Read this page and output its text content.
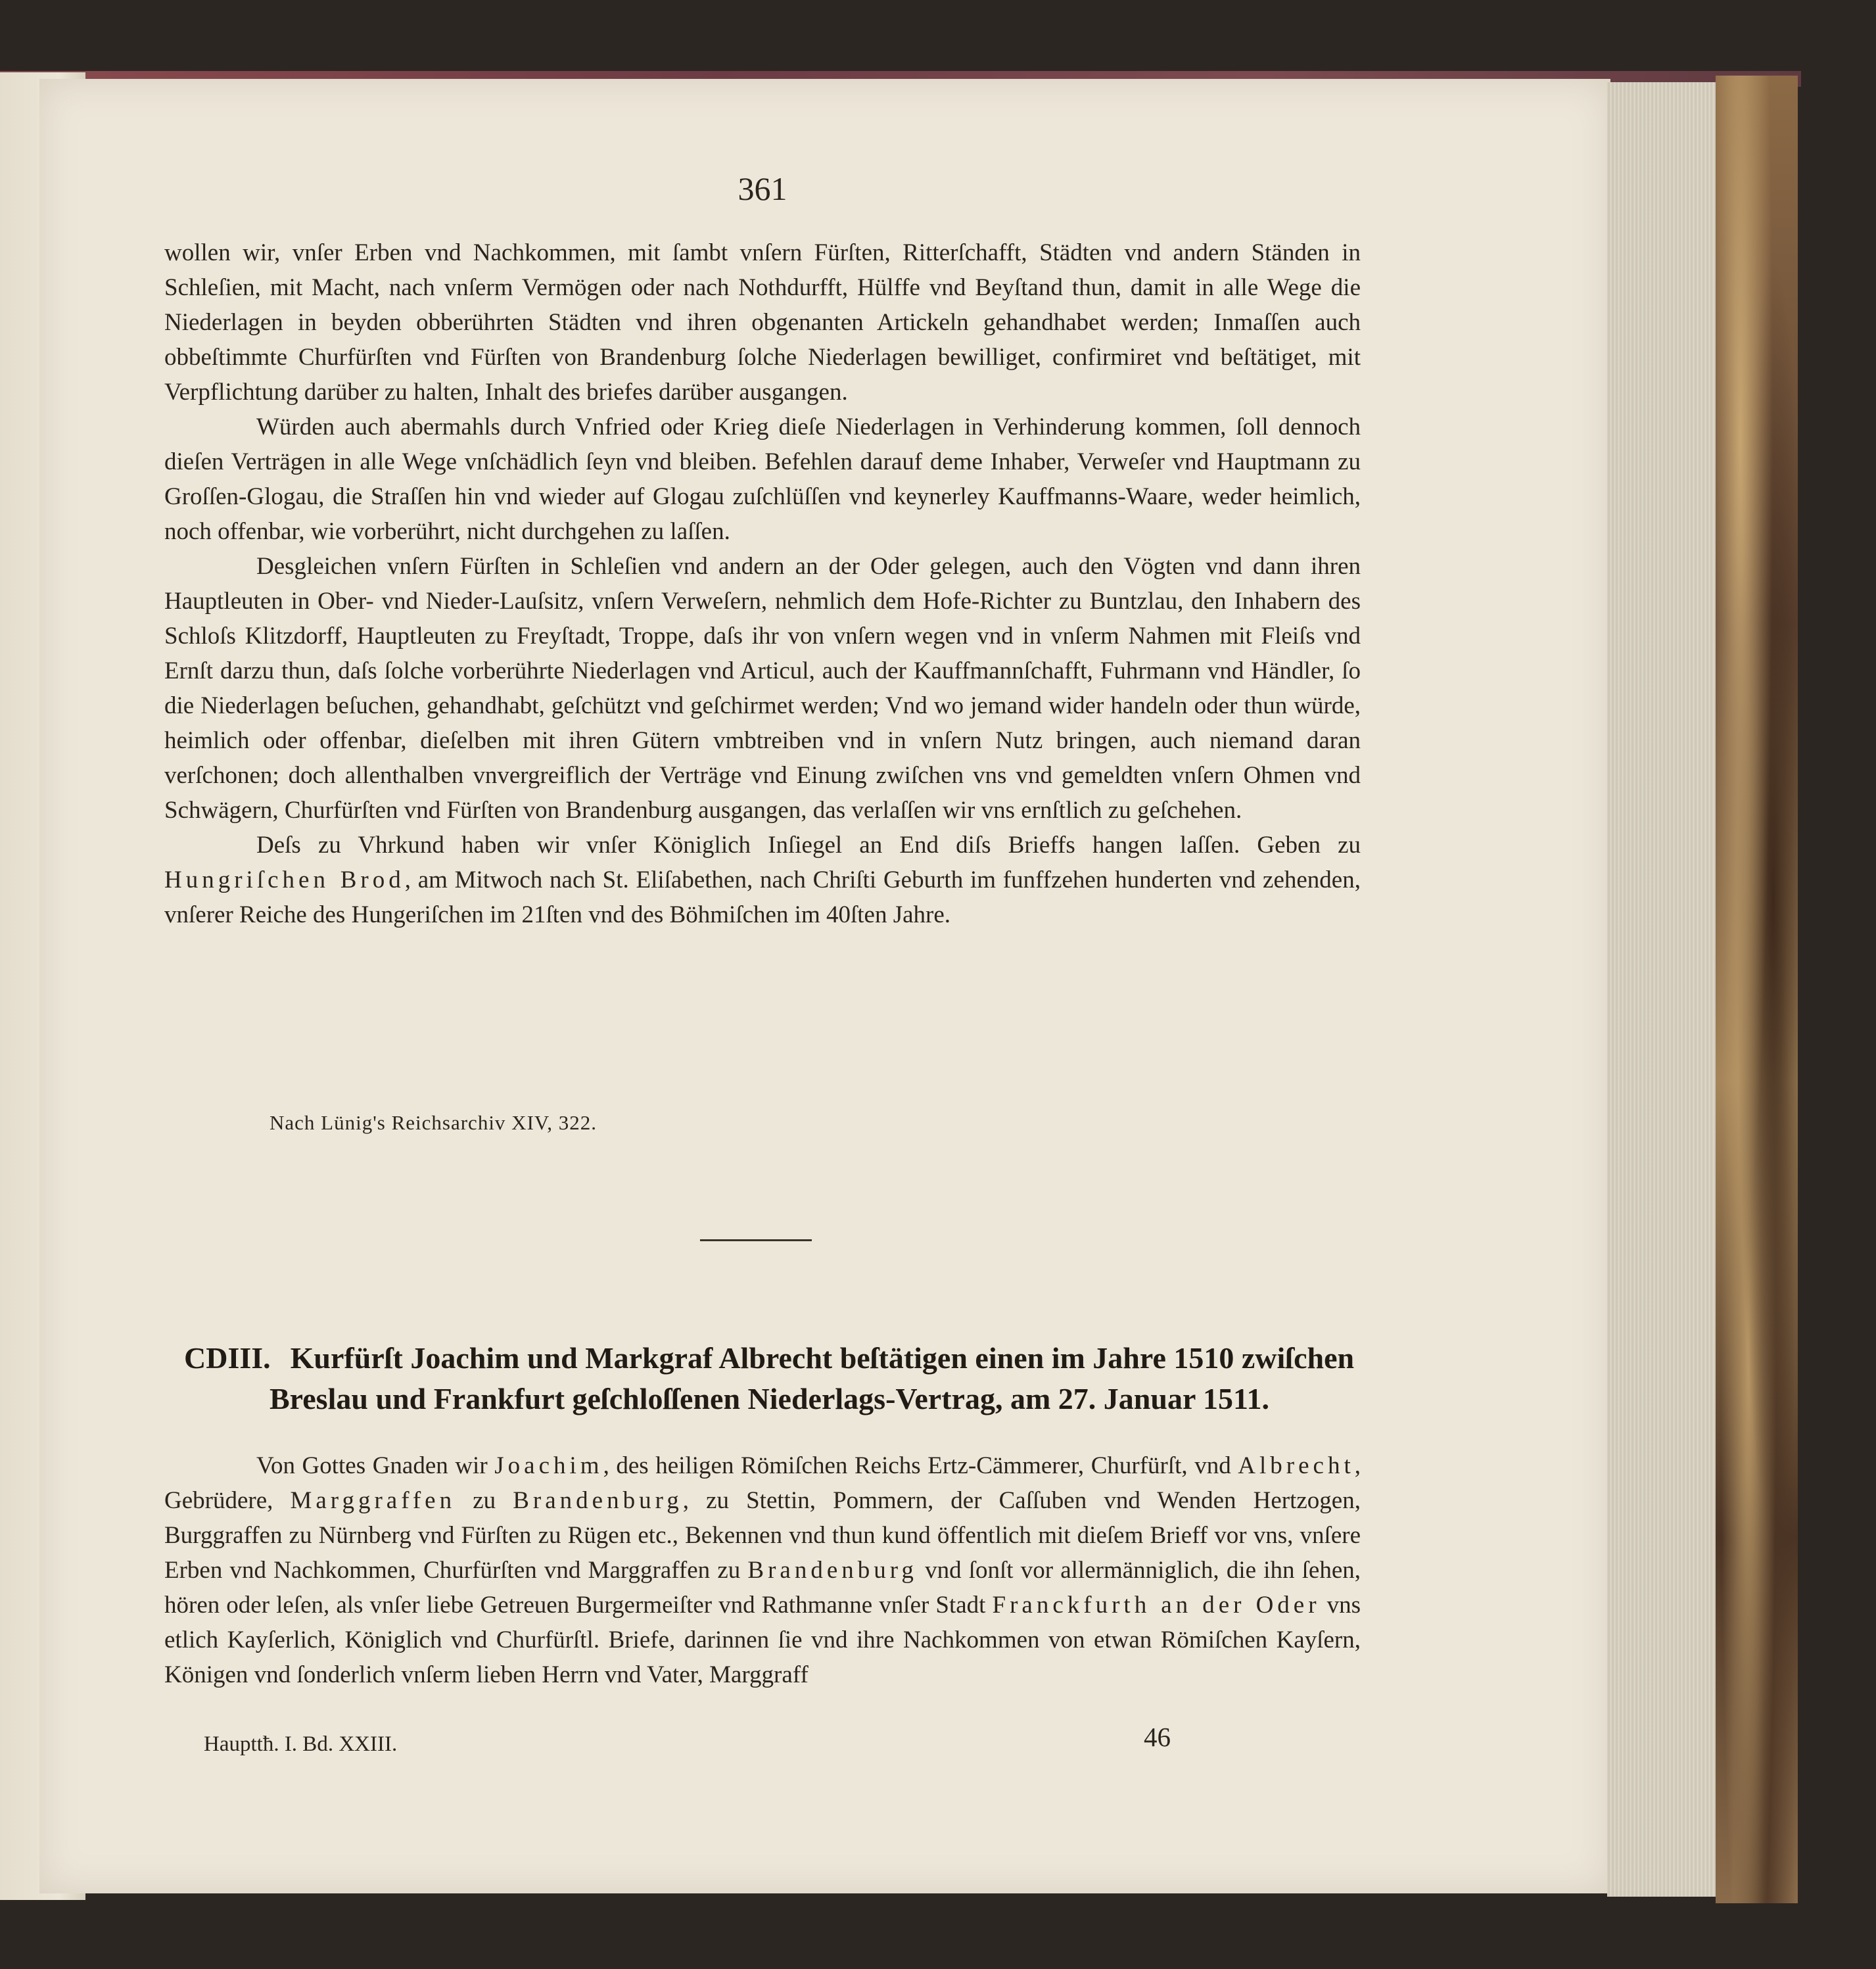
361

wollen wir, vnſer Erben vnd Nachkommen, mit ſambt vnſern Fürſten, Ritterſchafft, Städten vnd andern Ständen in Schleſien, mit Macht, nach vnſerm Vermögen oder nach Nothdurfft, Hülffe vnd Beyſtand thun, damit in alle Wege die Niederlagen in beyden obberührten Städten vnd ihren obgenanten Artickeln gehandhabet werden; Inmaſſen auch obbeſtimmte Churfürſten vnd Fürſten von Brandenburg ſolche Niederlagen bewilliget, confirmiret vnd beſtätiget, mit Verpflichtung darüber zu halten, Inhalt des briefes darüber ausgangen.

Würden auch abermahls durch Vnfried oder Krieg dieſe Niederlagen in Verhinderung kommen, ſoll dennoch dieſen Verträgen in alle Wege vnſchädlich ſeyn vnd bleiben. Befehlen darauf deme Inhaber, Verweſer vnd Hauptmann zu Groſſen-Glogau, die Straſſen hin vnd wieder auf Glogau zuſchlüſſen vnd keynerley Kauffmanns-Waare, weder heimlich, noch offenbar, wie vorberührt, nicht durchgehen zu laſſen.

Desgleichen vnſern Fürſten in Schleſien vnd andern an der Oder gelegen, auch den Vögten vnd dann ihren Hauptleuten in Ober- vnd Nieder-Lauſsitz, vnſern Verweſern, nehmlich dem Hofe-Richter zu Buntzlau, den Inhabern des Schloſs Klitzdorff, Hauptleuten zu Freyſtadt, Troppe, daſs ihr von vnſern wegen vnd in vnſerm Nahmen mit Fleiſs vnd Ernſt darzu thun, daſs ſolche vorberührte Niederlagen vnd Articul, auch der Kauffmannſchafft, Fuhrmann vnd Händler, ſo die Niederlagen beſuchen, gehandhabt, geſchützt vnd geſchirmet werden; Vnd wo jemand wider handeln oder thun würde, heimlich oder offenbar, dieſelben mit ihren Gütern vmbtreiben vnd in vnſern Nutz bringen, auch niemand daran verſchonen; doch allenthalben vnvergreiflich der Verträge vnd Einung zwiſchen vns vnd gemeldten vnſern Ohmen vnd Schwägern, Churfürſten vnd Fürſten von Brandenburg ausgangen, das verlaſſen wir vns ernſtlich zu geſchehen.

Deſs zu Vhrkund haben wir vnſer Königlich Inſiegel an End diſs Brieffs hangen laſſen. Geben zu Hungriſchen Brod, am Mitwoch nach St. Eliſabethen, nach Chriſti Geburth im funffzehen hunderten vnd zehenden, vnſerer Reiche des Hungeriſchen im 21ſten vnd des Böhmiſchen im 40ſten Jahre.

Nach Lünig's Reichsarchiv XIV, 322.
CDIII. Kurfürſt Joachim und Markgraf Albrecht beſtätigen einen im Jahre 1510 zwiſchen
Breslau und Frankfurt geſchloſſenen Niederlags-Vertrag, am 27. Januar 1511.

Von Gottes Gnaden wir Joachim, des heiligen Römiſchen Reichs Ertz-Cämmerer, Churfürſt, vnd Albrecht, Gebrüdere, Marggraffen zu Brandenburg, zu Stettin, Pommern, der Caſſuben vnd Wenden Hertzogen, Burggraffen zu Nürnberg vnd Fürſten zu Rügen etc., Bekennen vnd thun kund öffentlich mit dieſem Brieff vor vns, vnſere Erben vnd Nachkommen, Churfürſten vnd Marggraffen zu Brandenburg vnd ſonſt vor allermänniglich, die ihn ſehen, hören oder leſen, als vnſer liebe Getreuen Burgermeiſter vnd Rathmanne vnſer Stadt Franckfurth an der Oder vns etlich Kayſerlich, Königlich vnd Churfürſtl. Briefe, darinnen ſie vnd ihre Nachkommen von etwan Römiſchen Kayſern, Königen vnd ſonderlich vnſerm lieben Herrn vnd Vater, Marggraff

Haupttħ. I. Bd. XXIII.	46
